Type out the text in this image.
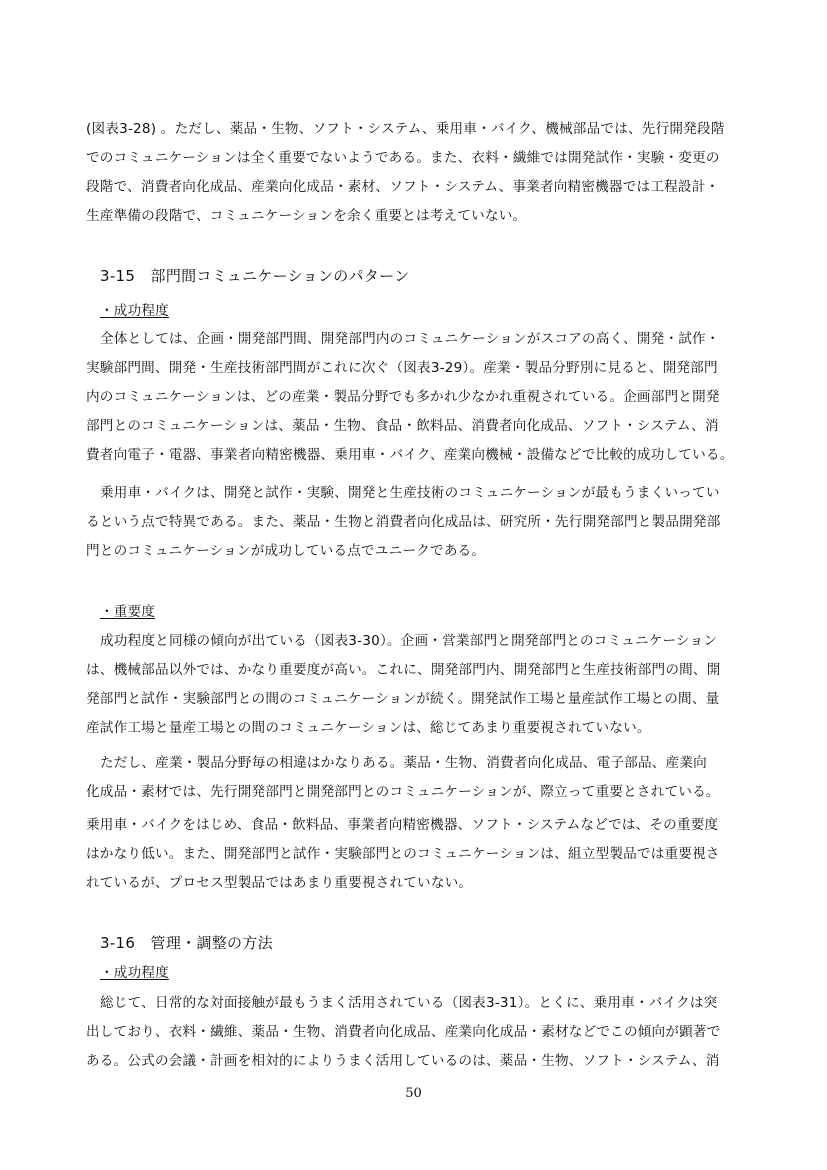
(図表3-28) 。ただし、薬品・生物、ソフト・システム、乗用車・バイク、機械部品では、先行開発段階
でのコミュニケーションは全く重要でないようである。また、衣料・繊維では開発試作・実験・変更の
段階で、消費者向化成品、産業向化成品・素材、ソフト・システム、事業者向精密機器では工程設計・
生産準備の段階で、コミュニケーションを余く重要とは考えていない。
3-15　部門間コミュニケーションのパターン
・成功程度
全体としては、企画・開発部門間、開発部門内のコミュニケーションがスコアの高く、開発・試作・
実験部門間、開発・生産技術部門間がこれに次ぐ（図表3-29）。産業・製品分野別に見ると、開発部門
内のコミュニケーションは、どの産業・製品分野でも多かれ少なかれ重視されている。企画部門と開発
部門とのコミュニケーションは、薬品・生物、食品・飲料品、消費者向化成品、ソフト・システム、消
費者向電子・電器、事業者向精密機器、乗用車・バイク、産業向機械・設備などで比較的成功している。
乗用車・バイクは、開発と試作・実験、開発と生産技術のコミュニケーションが最もうまくいってい
るという点で特異である。また、薬品・生物と消費者向化成品は、研究所・先行開発部門と製品開発部
門とのコミュニケーションが成功している点でユニークである。
・重要度
成功程度と同様の傾向が出ている（図表3-30）。企画・営業部門と開発部門とのコミュニケーション
は、機械部品以外では、かなり重要度が高い。これに、開発部門内、開発部門と生産技術部門の間、開
発部門と試作・実験部門との間のコミュニケーションが続く。開発試作工場と量産試作工場との間、量
産試作工場と量産工場との間のコミュニケーションは、総じてあまり重要視されていない。
ただし、産業・製品分野毎の相違はかなりある。薬品・生物、消費者向化成品、電子部品、産業向
化成品・素材では、先行開発部門と開発部門とのコミュニケーションが、際立って重要とされている。
乗用車・バイクをはじめ、食品・飲料品、事業者向精密機器、ソフト・システムなどでは、その重要度
はかなり低い。また、開発部門と試作・実験部門とのコミュニケーションは、組立型製品では重要視さ
れているが、プロセス型製品ではあまり重要視されていない。
3-16　管理・調整の方法
・成功程度
総じて、日常的な対面接触が最もうまく活用されている（図表3-31）。とくに、乗用車・バイクは突
出しており、衣料・繊維、薬品・生物、消費者向化成品、産業向化成品・素材などでこの傾向が顕著で
ある。公式の会議・計画を相対的によりうまく活用しているのは、薬品・生物、ソフト・システム、消
50
